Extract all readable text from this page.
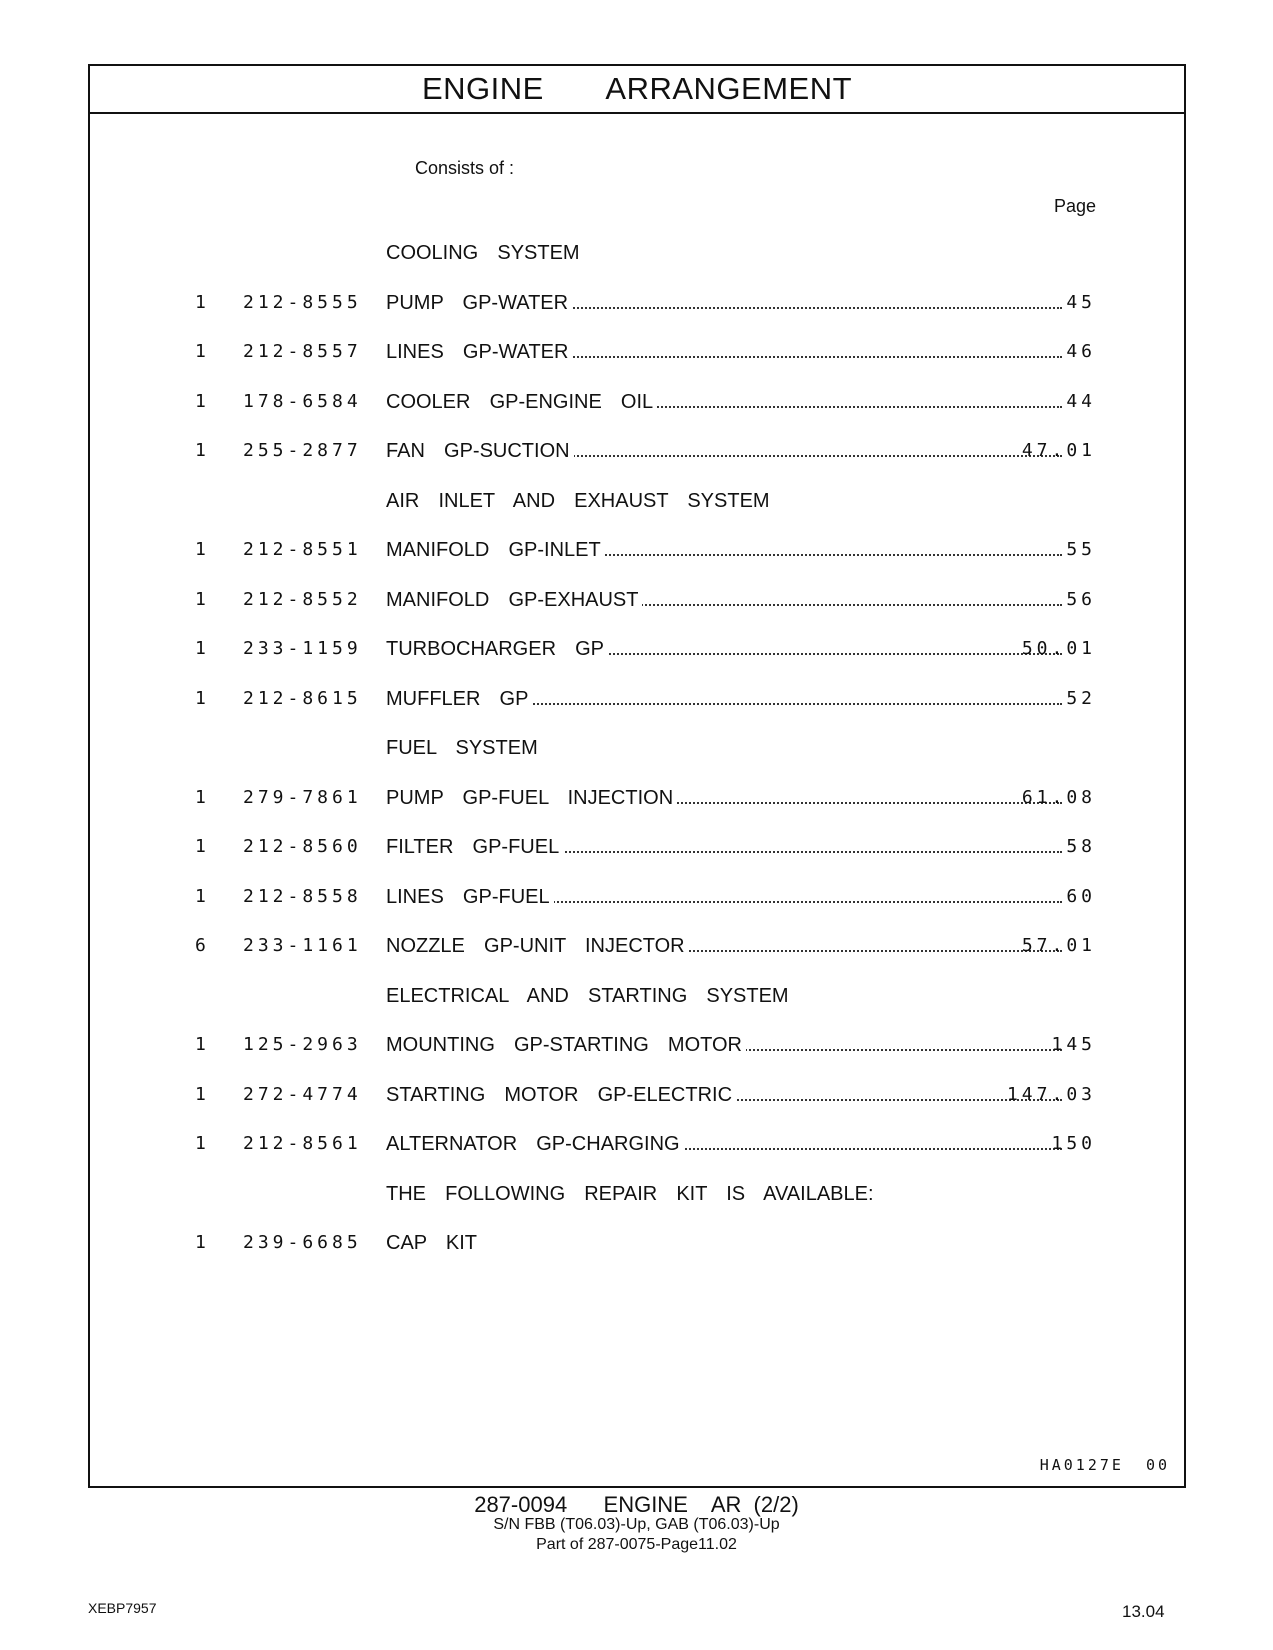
ENGINE   ARRANGEMENT
Consists of :
Page
COOLING  SYSTEM
1	212-8555 PUMP  GP-WATER	45
1	212-8557 LINES  GP-WATER	46
1	178-6584 COOLER  GP-ENGINE  OIL	44
1	255-2877 FAN  GP-SUCTION	47.01
AIR  INLET  AND  EXHAUST  SYSTEM
1	212-8551 MANIFOLD  GP-INLET	55
1	212-8552 MANIFOLD  GP-EXHAUST	56
1	233-1159 TURBOCHARGER  GP	50.01
1	212-8615 MUFFLER  GP	52
FUEL  SYSTEM
1	279-7861 PUMP  GP-FUEL  INJECTION	61.08
1	212-8560 FILTER  GP-FUEL	58
1	212-8558 LINES  GP-FUEL	60
6	233-1161 NOZZLE  GP-UNIT  INJECTOR	57.01
ELECTRICAL  AND  STARTING  SYSTEM
1	125-2963 MOUNTING  GP-STARTING  MOTOR	145
1	272-4774 STARTING  MOTOR  GP-ELECTRIC	147.03
1	212-8561 ALTERNATOR  GP-CHARGING	150
THE  FOLLOWING  REPAIR  KIT  IS  AVAILABLE:
1	239-6685 CAP  KIT
HA0127E 00
287-0094   ENGINE  AR (2/2)
S/N FBB (T06.03)-Up, GAB (T06.03)-Up
Part of 287-0075-Page11.02
XEBP7957	13.04
